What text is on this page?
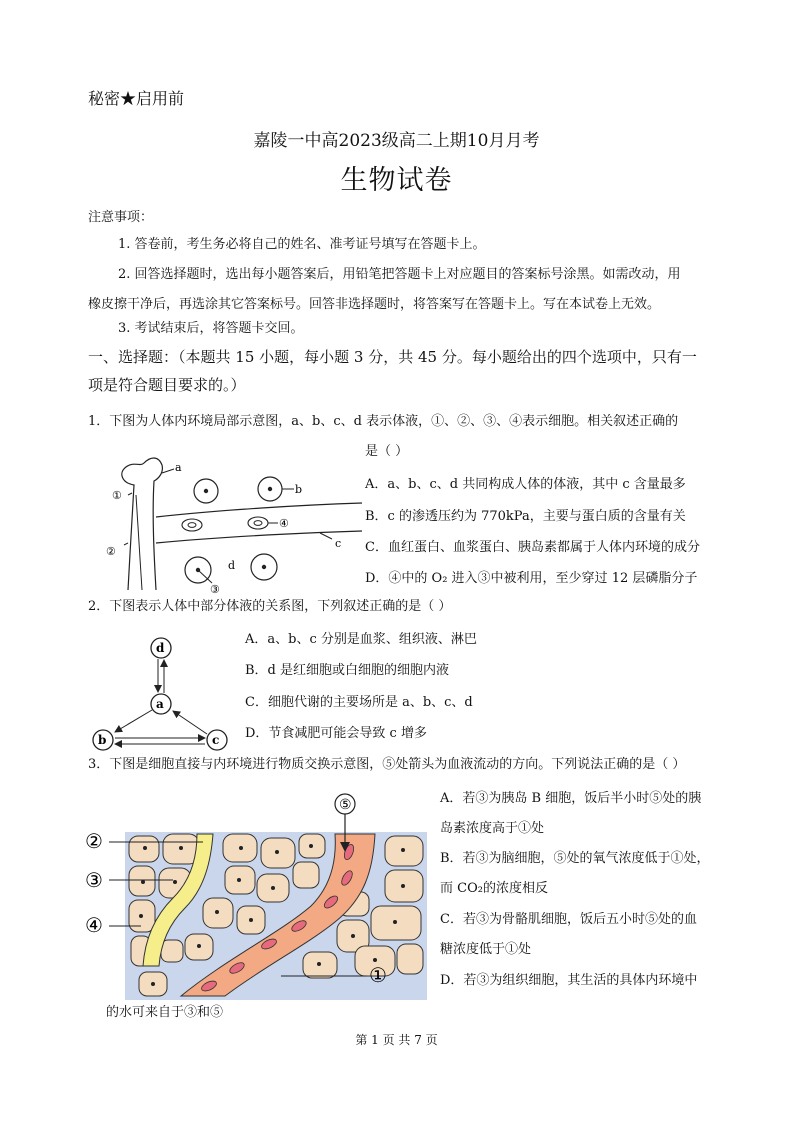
秘密★启用前
嘉陵一中高2023级高二上期10月月考
生物试卷
注意事项：
1. 答卷前，考生务必将自己的姓名、准考证号填写在答题卡上。
2. 回答选择题时，选出每小题答案后，用铅笔把答题卡上对应题目的答案标号涂黑。如需改动，用
橡皮擦干净后，再选涂其它答案标号。回答非选择题时，将答案写在答题卡上。写在本试卷上无效。
3. 考试结束后，将答题卡交回。
一、选择题：（本题共 15 小题，每小题 3 分，共 45 分。每小题给出的四个选项中，只有一
项是符合题目要求的。）
1．下图为人体内环境局部示意图，a、b、c、d 表示体液，①、②、③、④表示细胞。相关叙述正确的
是（ ）
A．a、b、c、d 共同构成人体的体液，其中 c 含量最多
B．c 的渗透压约为 770kPa，主要与蛋白质的含量有关
C．血红蛋白、血浆蛋白、胰岛素都属于人体内环境的成分
D．④中的 O₂ 进入③中被利用，至少穿过 12 层磷脂分子
a
b
④
①
②
c
d
③
2．下图表示人体中部分体液的关系图，下列叙述正确的是（ ）
A．a、b、c 分别是血浆、组织液、淋巴
B．d 是红细胞或白细胞的细胞内液
C．细胞代谢的主要场所是 a、b、c、d
D．节食减肥可能会导致 c 增多
d
a
b	c
3．下图是细胞直接与内环境进行物质交换示意图，⑤处箭头为血液流动的方向。下列说法正确的是（ ）
A．若③为胰岛 B 细胞，饭后半小时⑤处的胰
岛素浓度高于①处
B．若③为脑细胞，⑤处的氧气浓度低于①处，
而 CO₂的浓度相反
C．若③为骨骼肌细胞，饭后五小时⑤处的血
糖浓度低于①处
D．若③为组织细胞，其生活的具体内环境中
的水可来自于③和⑤
⑤
②
③
④
①
第 1 页 共 7 页
